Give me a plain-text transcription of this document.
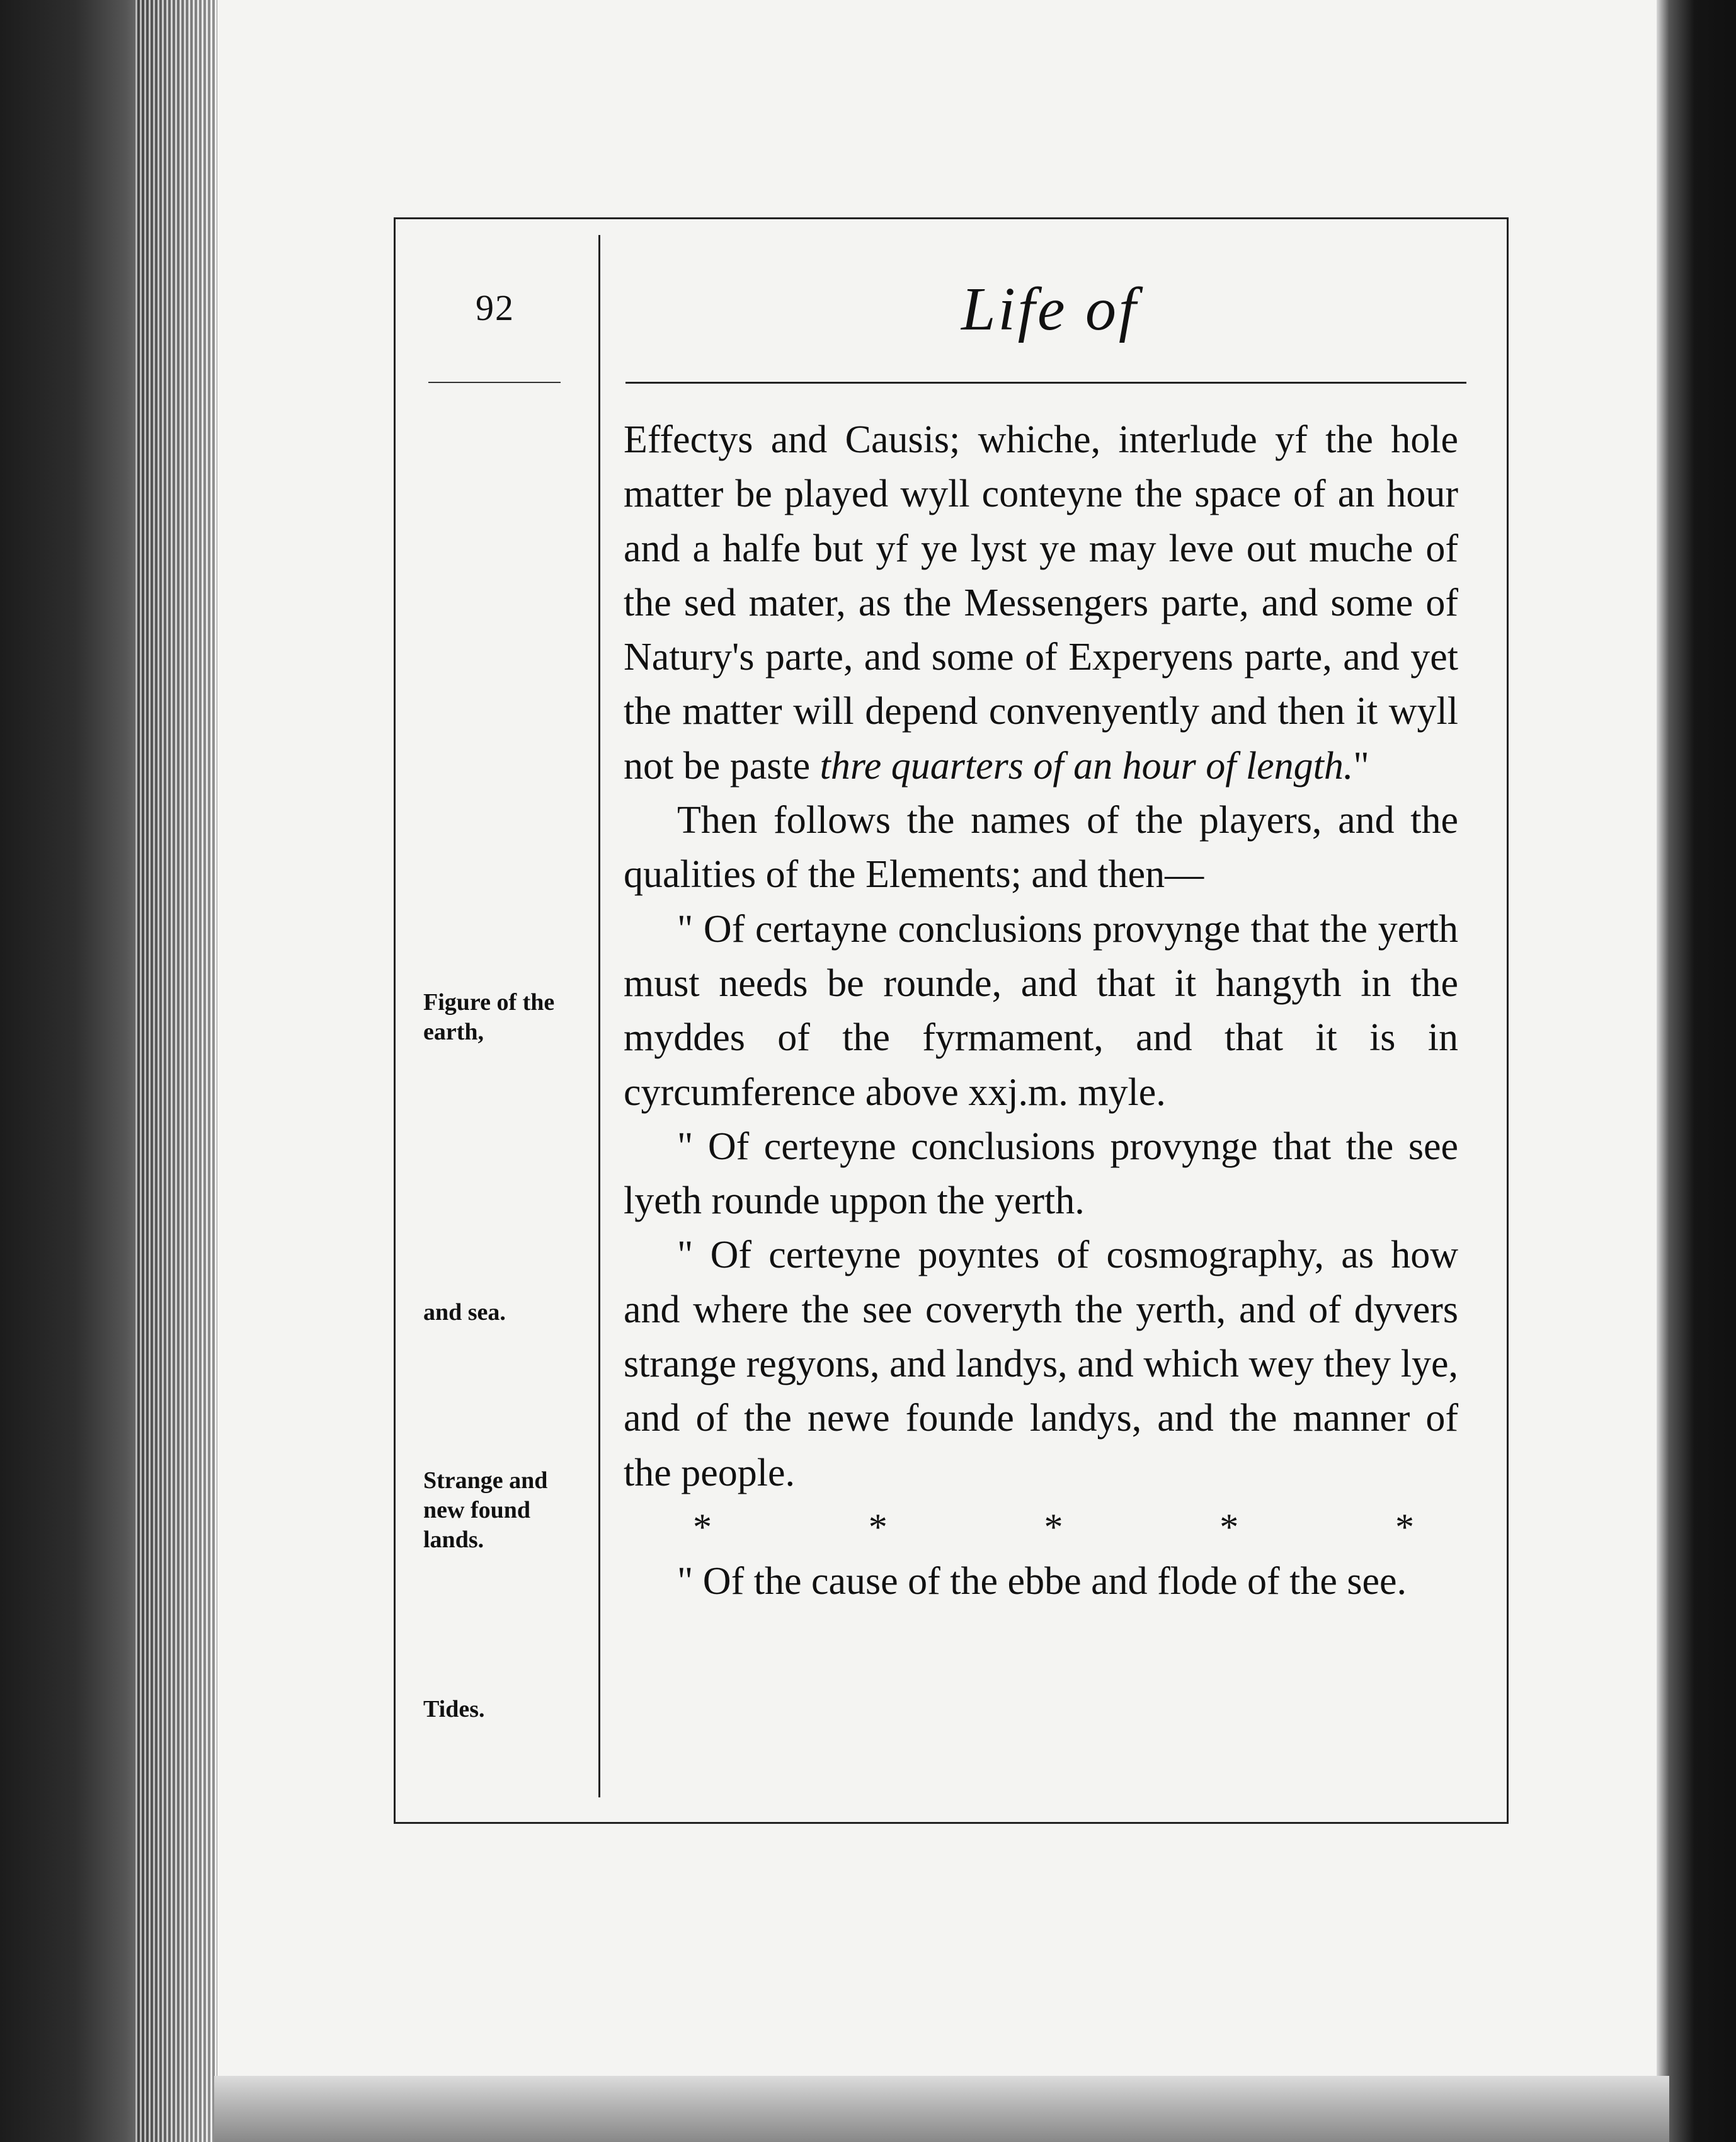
92	Life of
Figure of the earth,
and sea.
Strange and new found lands.
Tides.

Effectys and Causis; whiche, interlude yf the hole matter be played wyll conteyne the space of an hour and a halfe but yf ye lyst ye may leve out muche of the sed mater, as the Messengers parte, and some of Natury's parte, and some of Experyens parte, and yet the matter will depend convenyently and then it wyll not be paste thre quarters of an hour of length."

Then follows the names of the players, and the qualities of the Elements; and then—

" Of certayne conclusions provynge that the yerth must needs be rounde, and that it hangyth in the myddes of the fyrmament, and that it is in cyrcumference above xxj.m. myle.

" Of certeyne conclusions provynge that the see lyeth rounde uppon the yerth.

" Of certeyne poyntes of cosmography, as how and where the see coveryth the yerth, and of dyvers strange regyons, and landys, and which wey they lye, and of the newe founde landys, and the manner of the people.

*	*	*	*	*

" Of the cause of the ebbe and flode of the see.
